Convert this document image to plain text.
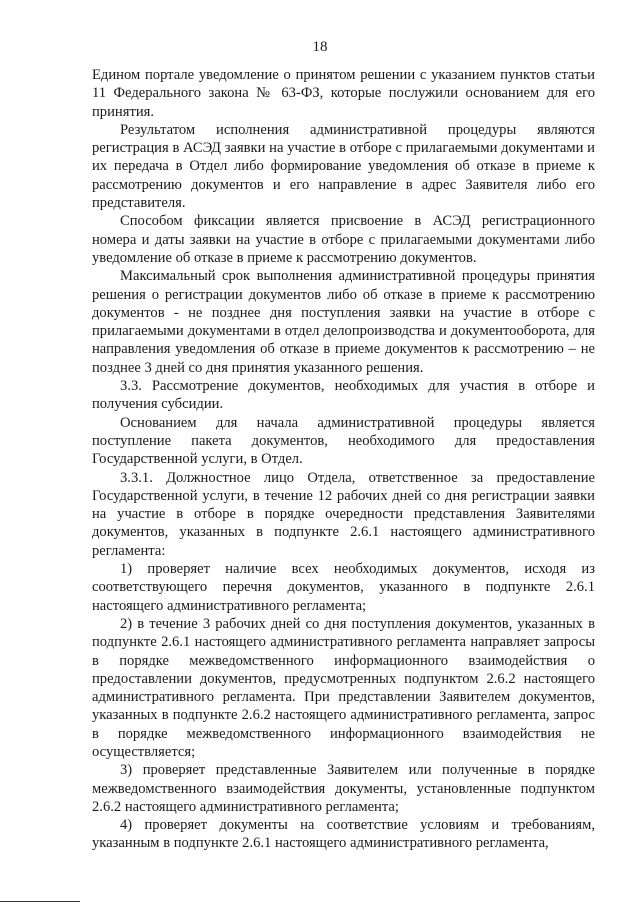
18

Едином портале уведомление о принятом решении с указанием пунктов статьи 11 Федерального закона № 63-ФЗ, которые послужили основанием для его принятия.

Результатом исполнения административной процедуры являются регистрация в АСЭД заявки на участие в отборе с прилагаемыми документами и их передача в Отдел либо формирование уведомления об отказе в приеме к рассмотрению документов и его направление в адрес Заявителя либо его представителя.

Способом фиксации является присвоение в АСЭД регистрационного номера и даты заявки на участие в отборе с прилагаемыми документами либо уведомление об отказе в приеме к рассмотрению документов.

Максимальный срок выполнения административной процедуры принятия решения о регистрации документов либо об отказе в приеме к рассмотрению документов - не позднее дня поступления заявки на участие в отборе с прилагаемыми документами в отдел делопроизводства и документооборота, для направления уведомления об отказе в приеме документов к рассмотрению – не позднее 3 дней со дня принятия указанного решения.

3.3. Рассмотрение документов, необходимых для участия в отборе и получения субсидии.

Основанием для начала административной процедуры является поступление пакета документов, необходимого для предоставления Государственной услуги, в Отдел.

3.3.1. Должностное лицо Отдела, ответственное за предоставление Государственной услуги, в течение 12 рабочих дней со дня регистрации заявки на участие в отборе в порядке очередности представления Заявителями документов, указанных в подпункте 2.6.1 настоящего административного регламента:

1) проверяет наличие всех необходимых документов, исходя из соответствующего перечня документов, указанного в подпункте 2.6.1 настоящего административного регламента;

2) в течение 3 рабочих дней со дня поступления документов, указанных в подпункте 2.6.1 настоящего административного регламента направляет запросы в порядке межведомственного информационного взаимодействия о предоставлении документов, предусмотренных подпунктом 2.6.2 настоящего административного регламента. При представлении Заявителем документов, указанных в подпункте 2.6.2 настоящего административного регламента, запрос в порядке межведомственного информационного взаимодействия не осуществляется;

3) проверяет представленные Заявителем или полученные в порядке межведомственного взаимодействия документы, установленные подпунктом 2.6.2 настоящего административного регламента;

4) проверяет документы на соответствие условиям и требованиям, указанным в подпункте 2.6.1 настоящего административного регламента,
